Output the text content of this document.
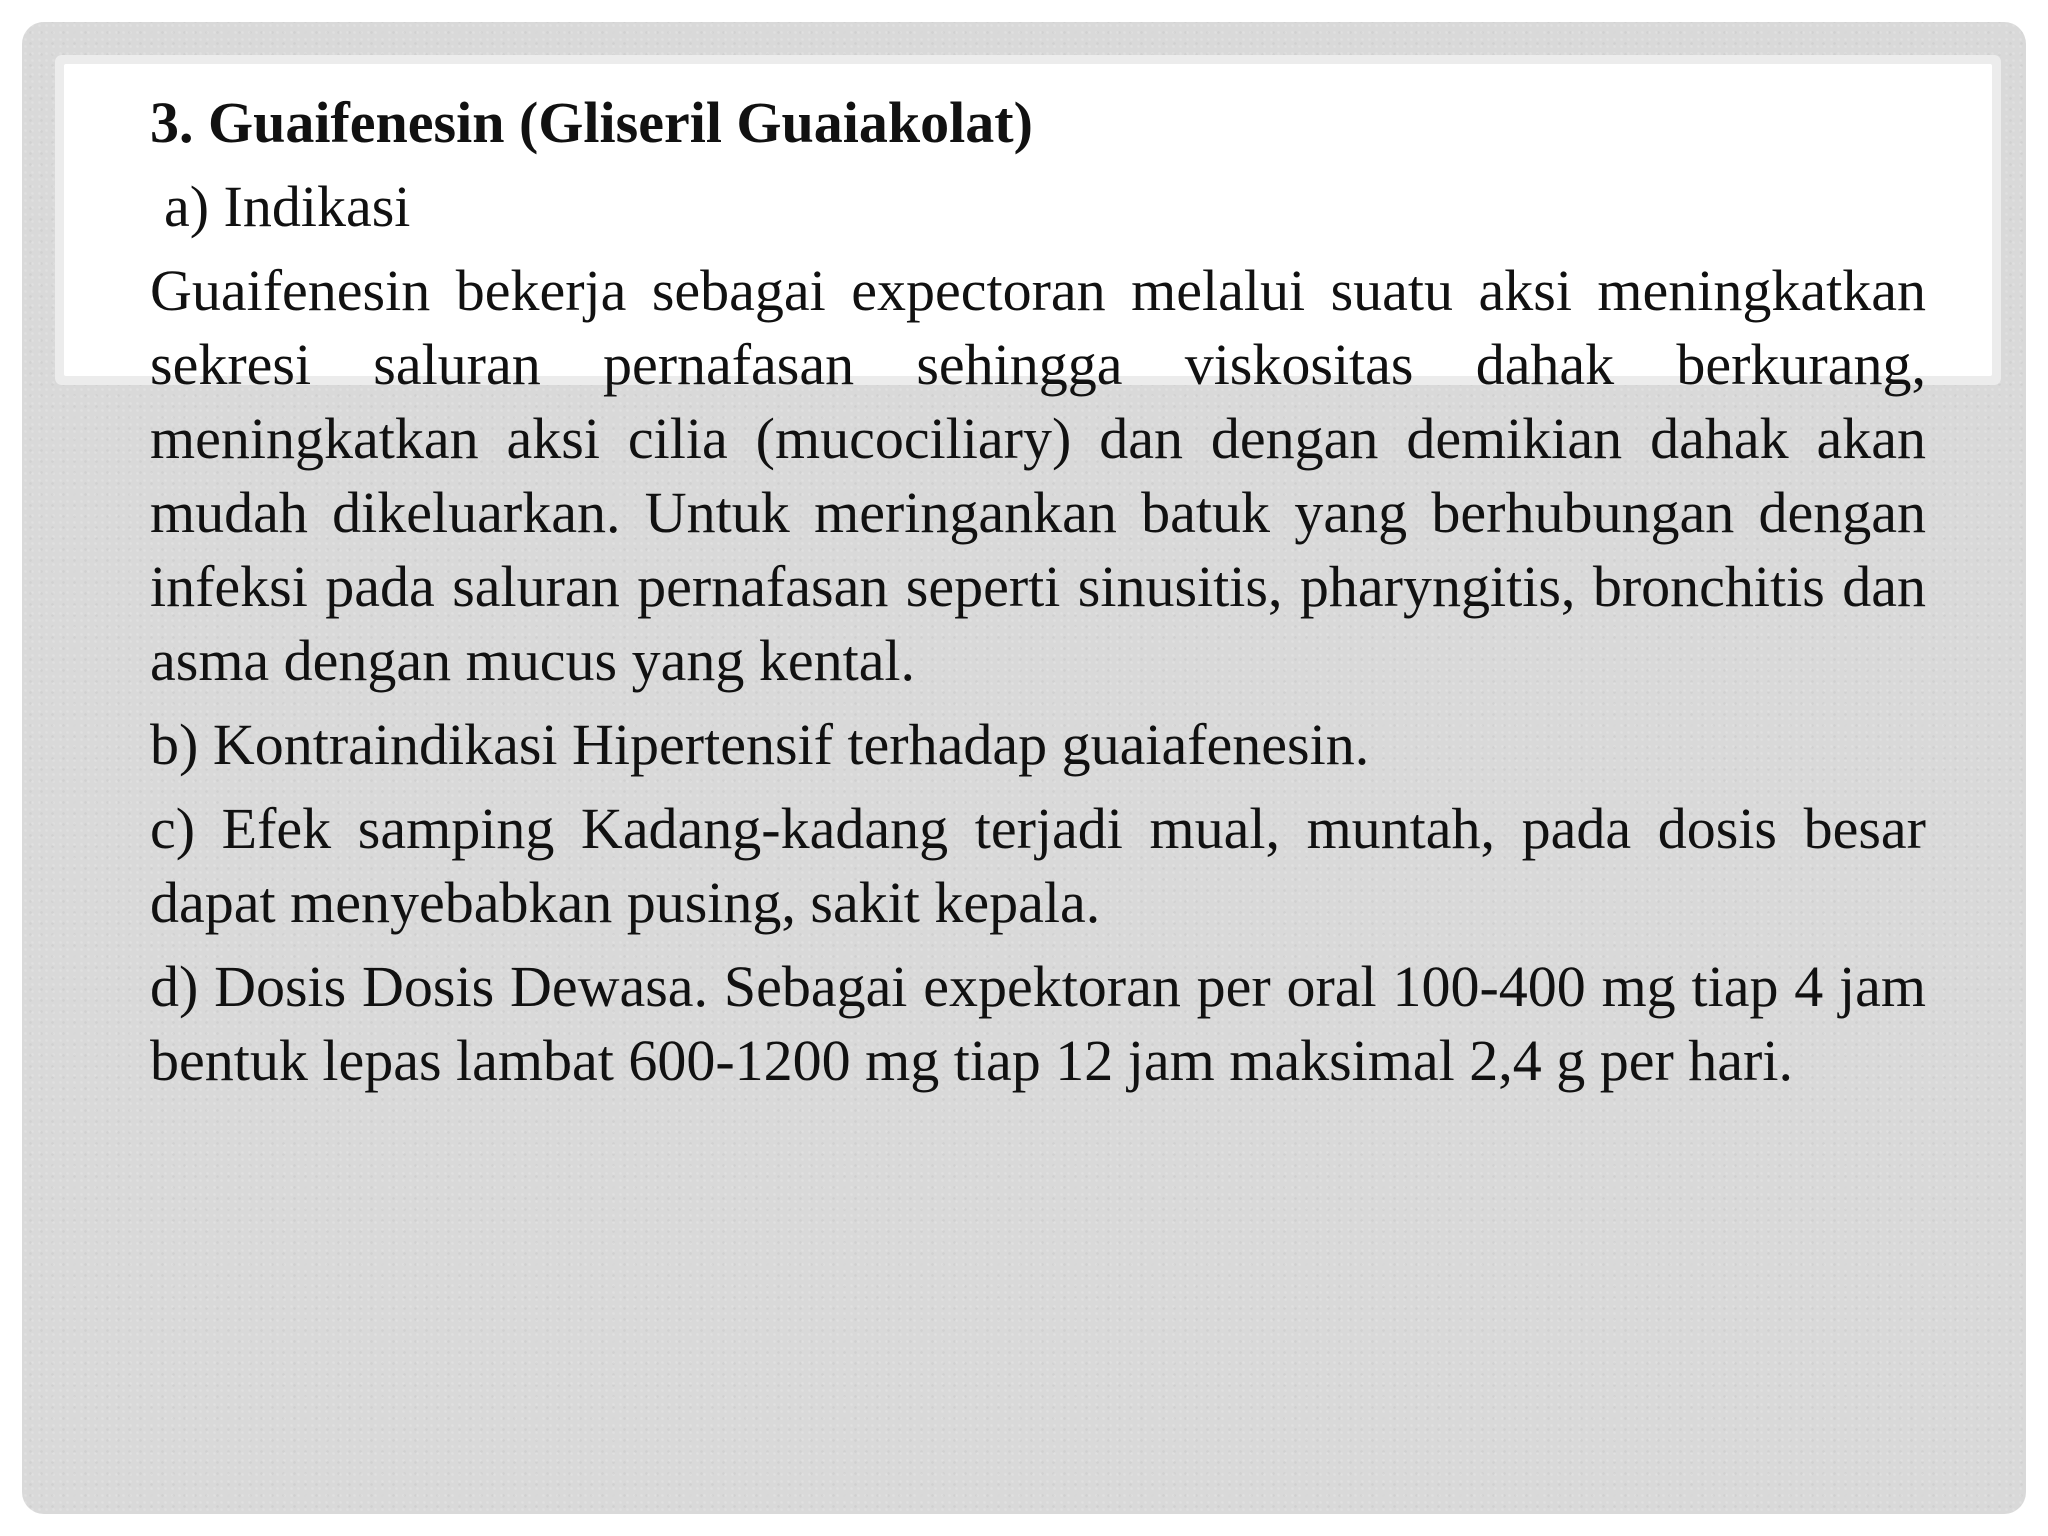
3. Guaifenesin (Gliseril Guaiakolat)

a) Indikasi

Guaifenesin bekerja sebagai expectoran melalui suatu aksi meningkatkan sekresi saluran pernafasan sehingga viskositas dahak berkurang, meningkatkan aksi cilia (mucociliary) dan dengan demikian dahak akan mudah dikeluarkan. Untuk meringankan batuk yang berhubungan dengan infeksi pada saluran pernafasan seperti sinusitis, pharyngitis, bronchitis dan asma dengan mucus yang kental.

b) Kontraindikasi Hipertensif terhadap guaiafenesin.

c) Efek samping Kadang-kadang terjadi mual, muntah, pada dosis besar dapat menyebabkan pusing, sakit kepala.

d) Dosis Dosis Dewasa. Sebagai expektoran per oral 100-400 mg tiap 4 jam bentuk lepas lambat 600-1200 mg tiap 12 jam maksimal 2,4 g per hari.
